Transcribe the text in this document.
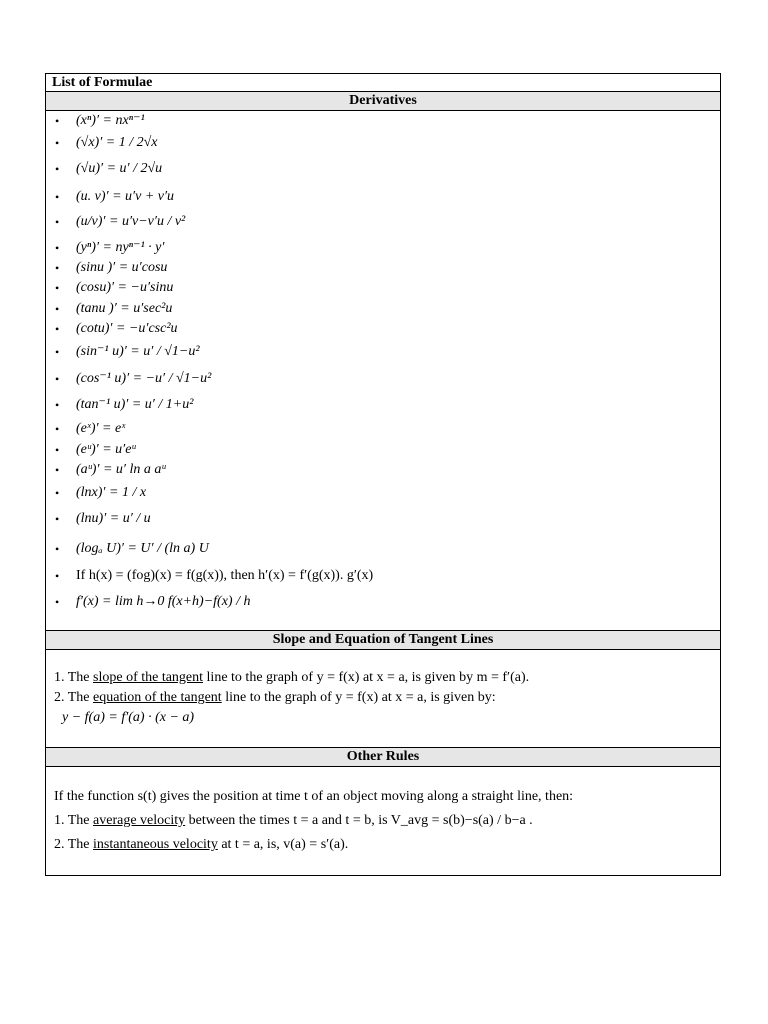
List of Formulae
Derivatives
• (xⁿ)′ = nxⁿ⁻¹
• (√x)′ = 1 / 2√x
• (√u)′ = u′ / 2√u
• (u. v)′ = u′v + v′u
• (u/v)′ = u′v−v′u / v²
• (yⁿ)′ = nyⁿ⁻¹ · y′
• (sinu )′ = u′cosu
• (cosu)′ = −u′sinu
• (tanu )′ = u′sec²u
• (cotu)′ = −u′csc²u
• (sin⁻¹ u)′ = u′ / √1−u²
• (cos⁻¹ u)′ = −u′ / √1−u²
• (tan⁻¹ u)′ = u′ / 1+u²
• (eˣ)′ = eˣ
• (eᵘ)′ = u′eᵘ
• (aᵘ)′ = u′ ln a aᵘ
• (lnx)′ = 1 / x
• (lnu)′ = u′ / u
• (logₐ U)′ = U′ / (ln a) U
• If h(x) = (fog)(x) = f(g(x)), then h′(x) = f′(g(x)). g′(x)
• f′(x) = lim h→0 f(x+h)−f(x) / h
Slope and Equation of Tangent Lines
1. The slope of the tangent line to the graph of y = f(x) at x = a, is given by m = f′(a).
2. The equation of the tangent line to the graph of y = f(x) at x = a, is given by:
y − f(a) = f′(a) · (x − a)
Other Rules
If the function s(t) gives the position at time t of an object moving along a straight line, then:
1. The average velocity between the times t = a and t = b, is V_avg = s(b)−s(a) / b−a .
2. The instantaneous velocity at t = a, is, v(a) = s′(a).
